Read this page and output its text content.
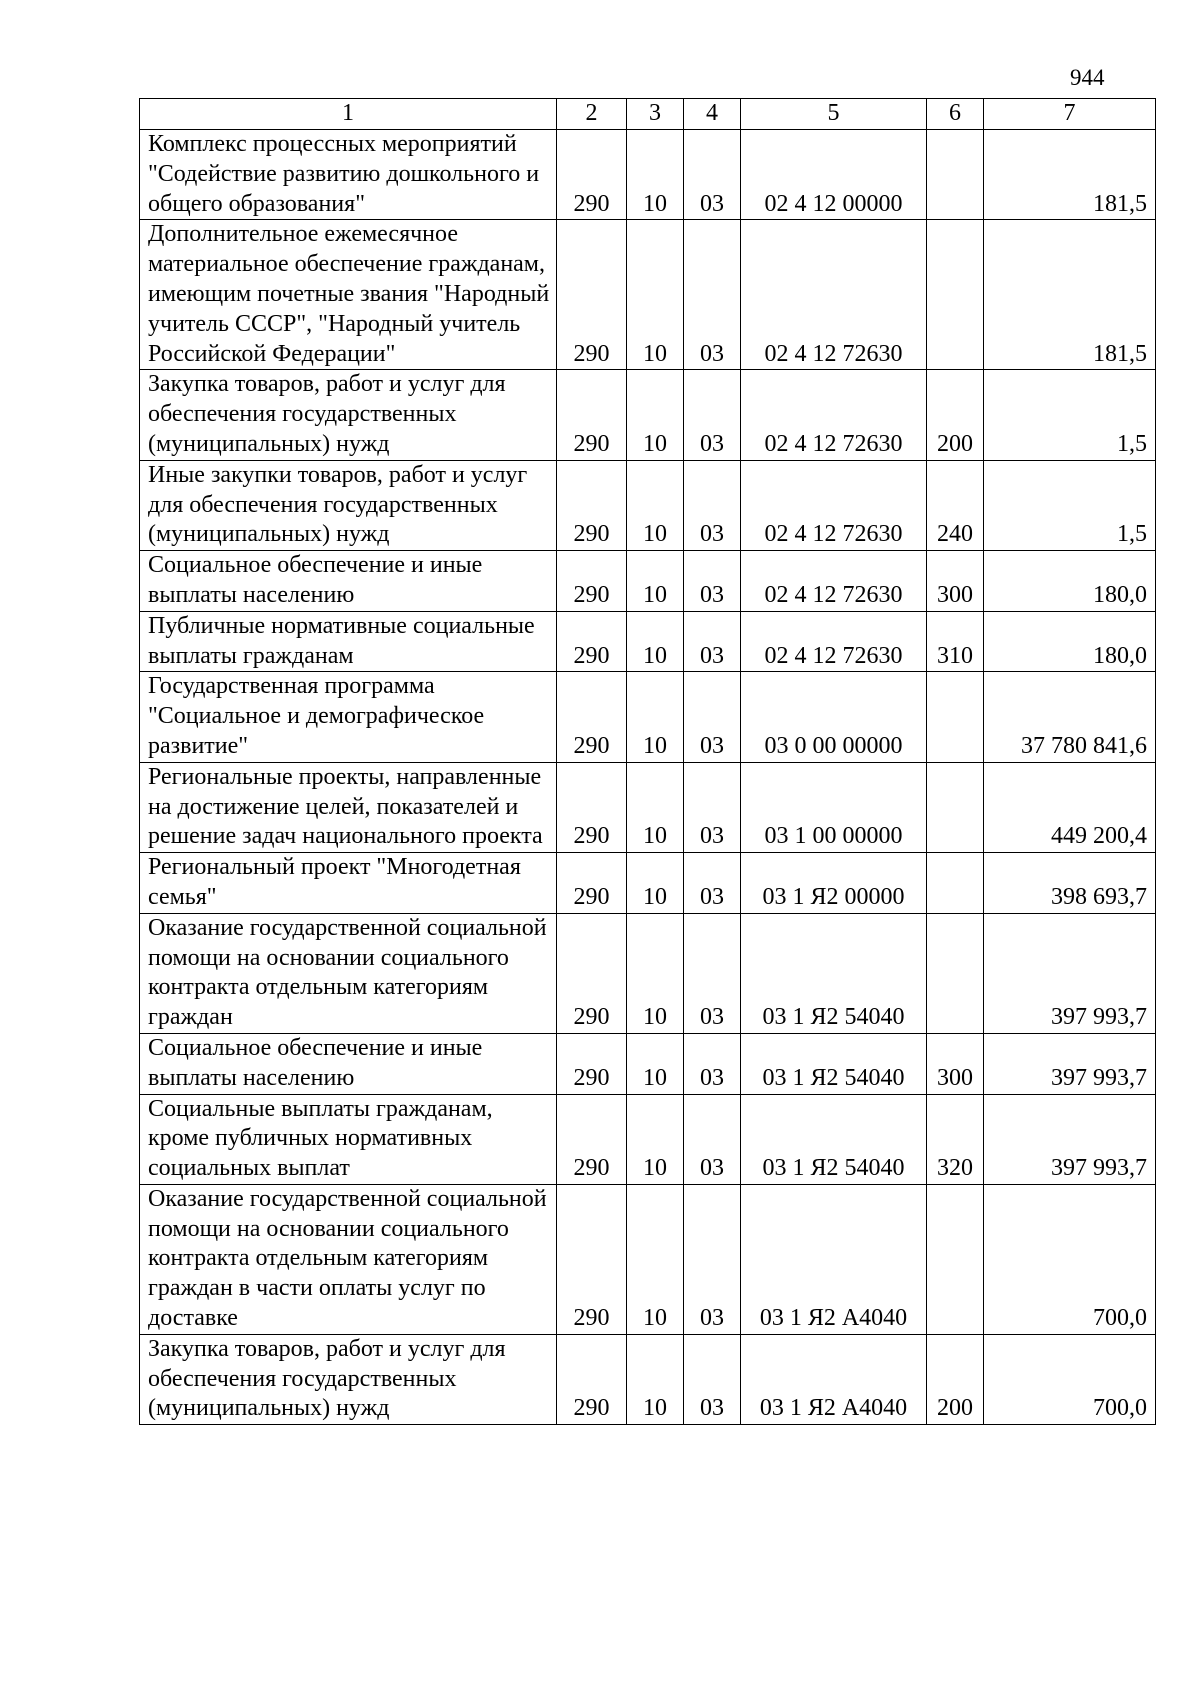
944
1	2	3	4	5	6	7
Комплекс процессных мероприятий "Содействие развитию дошкольного и общего образования"	290	10	03	02 4 12 00000		181,5
Дополнительное ежемесячное материальное обеспечение гражданам, имеющим почетные звания "Народный учитель СССР", "Народный учитель Российской Федерации"	290	10	03	02 4 12 72630		181,5
Закупка товаров, работ и услуг для обеспечения государственных (муниципальных) нужд	290	10	03	02 4 12 72630	200	1,5
Иные закупки товаров, работ и услуг для обеспечения государственных (муниципальных) нужд	290	10	03	02 4 12 72630	240	1,5
Социальное обеспечение и иные выплаты населению	290	10	03	02 4 12 72630	300	180,0
Публичные нормативные социальные выплаты гражданам	290	10	03	02 4 12 72630	310	180,0
Государственная программа "Социальное и демографическое развитие"	290	10	03	03 0 00 00000		37 780 841,6
Региональные проекты, направленные на достижение целей, показателей и решение задач национального проекта	290	10	03	03 1 00 00000		449 200,4
Региональный проект "Многодетная семья"	290	10	03	03 1 Я2 00000		398 693,7
Оказание государственной социальной помощи на основании социального контракта отдельным категориям граждан	290	10	03	03 1 Я2 54040		397 993,7
Социальное обеспечение и иные выплаты населению	290	10	03	03 1 Я2 54040	300	397 993,7
Социальные выплаты гражданам, кроме публичных нормативных социальных выплат	290	10	03	03 1 Я2 54040	320	397 993,7
Оказание государственной социальной помощи на основании социального контракта отдельным категориям граждан в части оплаты услуг по доставке	290	10	03	03 1 Я2 А4040		700,0
Закупка товаров, работ и услуг для обеспечения государственных (муниципальных) нужд	290	10	03	03 1 Я2 А4040	200	700,0
